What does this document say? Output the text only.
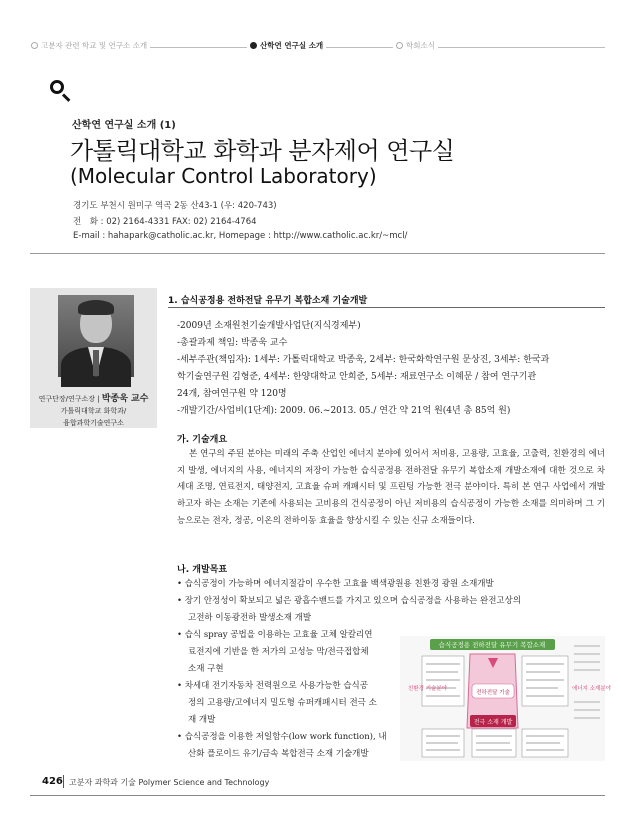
고분자 관련 학교 및 연구소 소개	산학연 연구실 소개	학회소식
산학연 연구실 소개 (1)
가톨릭대학교 화학과 분자제어 연구실
(Molecular Control Laboratory)
경기도 부천시 원미구 역곡 2동 산43-1 (우: 420-743)
전　화 : 02) 2164-4331 FAX: 02) 2164-4764
E-mail : hahapark@catholic.ac.kr, Homepage : http://www.catholic.ac.kr/~mcl/
연구단장/연구소장 | 박종욱 교수
가톨릭대학교 화학과/
융합과학기술연구소
1. 습식공정용 전하전달 유무기 복합소재 기술개발
-2009년 소재원천기술개발사업단(지식경제부)
-총괄과제 책임: 박종욱 교수
-세부주관(책임자): 1세부: 가톨릭대학교 박종욱, 2세부: 한국화학연구원 문상진, 3세부: 한국과
학기술연구원 김형준, 4세부: 한양대학교 안희준, 5세부: 재료연구소 이혜문 / 참여 연구기관
24개, 참여연구원 약 120명
-개발기간/사업비(1단계): 2009. 06.~2013. 05./ 연간 약 21억 원(4년 총 85억 원)
가. 기술개요
본 연구의 주된 분야는 미래의 주축 산업인 에너지 분야에 있어서 저비용, 고용량, 고효율, 고출력, 친환경의 에너지 발생, 에너지의 사용, 에너지의 저장이 가능한 습식공정용 전하전달 유무기 복합소재 개발소재에 대한 것으로 차세대 조명, 연료전지, 태양전지, 고효율 슈퍼 캐패시터 및 프린팅 가능한 전극 분야이다. 특히 본 연구 사업에서 개발하고자 하는 소재는 기존에 사용되는 고비용의 건식공정이 아닌 저비용의 습식공정이 가능한 소재를 의미하며 그 기능으로는 전자, 정공, 이온의 전하이동 효율을 향상시킬 수 있는 신규 소재들이다.
나. 개발목표
• 습식공정이 가능하며 에너지절감이 우수한 고효율 백색광원용 친환경 광원 소재개발
• 장기 안정성이 확보되고 넓은 광흡수밴드를 가지고 있으며 습식공정을 사용하는 완전고상의
고전하 이동광전하 발생소재 개발
• 습식 spray 공법을 이용하는 고효율 고체 알칼리연
료전지에 기반을 한 저가의 고성능 막/전극접합체
소재 구현
• 차세대 전기자동차 전력원으로 사용가능한 습식공
정의 고용량/고에너지 밀도형 슈퍼캐패시터 전극 소
재 개발
• 습식공정을 이용한 저일함수(low work function), 내
산화 플로이드 유기/금속 복합전극 소재 기술개발
습식공정용 전하전달 유무기 복합소재
친환경 기술분야	에너지 소재분야
전하전달 기술
전극 소재 개발
426 고분자 과학과 기술 Polymer Science and Technology
